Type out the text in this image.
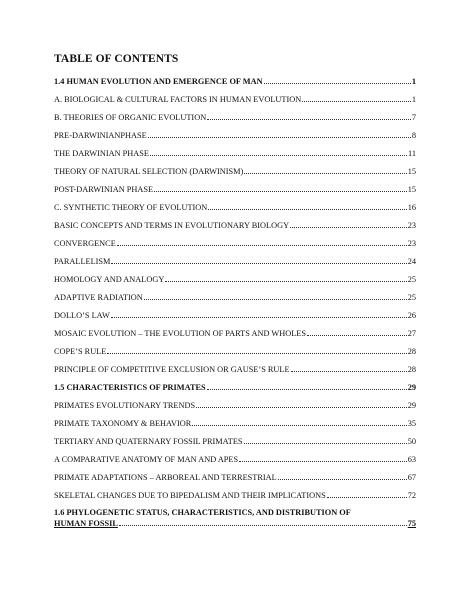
TABLE OF CONTENTS
1.4 HUMAN EVOLUTION AND EMERGENCE OF MAN	1
A. BIOLOGICAL & CULTURAL FACTORS IN HUMAN EVOLUTION	1
B. THEORIES OF ORGANIC EVOLUTION	7
PRE-DARWINIANPHASE	8
THE DARWINIAN PHASE	11
THEORY OF NATURAL SELECTION (DARWINISM)	15
POST-DARWINIAN PHASE	15
C. SYNTHETIC THEORY OF EVOLUTION	16
BASIC CONCEPTS AND TERMS IN EVOLUTIONARY BIOLOGY	23
CONVERGENCE	23
PARALLELISM	24
HOMOLOGY AND ANALOGY	25
ADAPTIVE RADIATION	25
DOLLO’S LAW	26
MOSAIC EVOLUTION – THE EVOLUTION OF PARTS AND WHOLES	27
COPE’S RULE	28
PRINCIPLE OF COMPETITIVE EXCLUSION OR GAUSE’S RULE	28
1.5 CHARACTERISTICS OF PRIMATES	29
PRIMATES EVOLUTIONARY TRENDS	29
PRIMATE TAXONOMY & BEHAVIOR	35
TERTIARY AND QUATERNARY FOSSIL PRIMATES	50
A COMPARATIVE ANATOMY OF MAN AND APES	63
PRIMATE ADAPTATIONS – ARBOREAL AND TERRESTRIAL	67
SKELETAL CHANGES DUE TO BIPEDALISM AND THEIR IMPLICATIONS	72
1.6 PHYLOGENETIC STATUS, CHARACTERISTICS, AND DISTRIBUTION OF
HUMAN FOSSIL	75
